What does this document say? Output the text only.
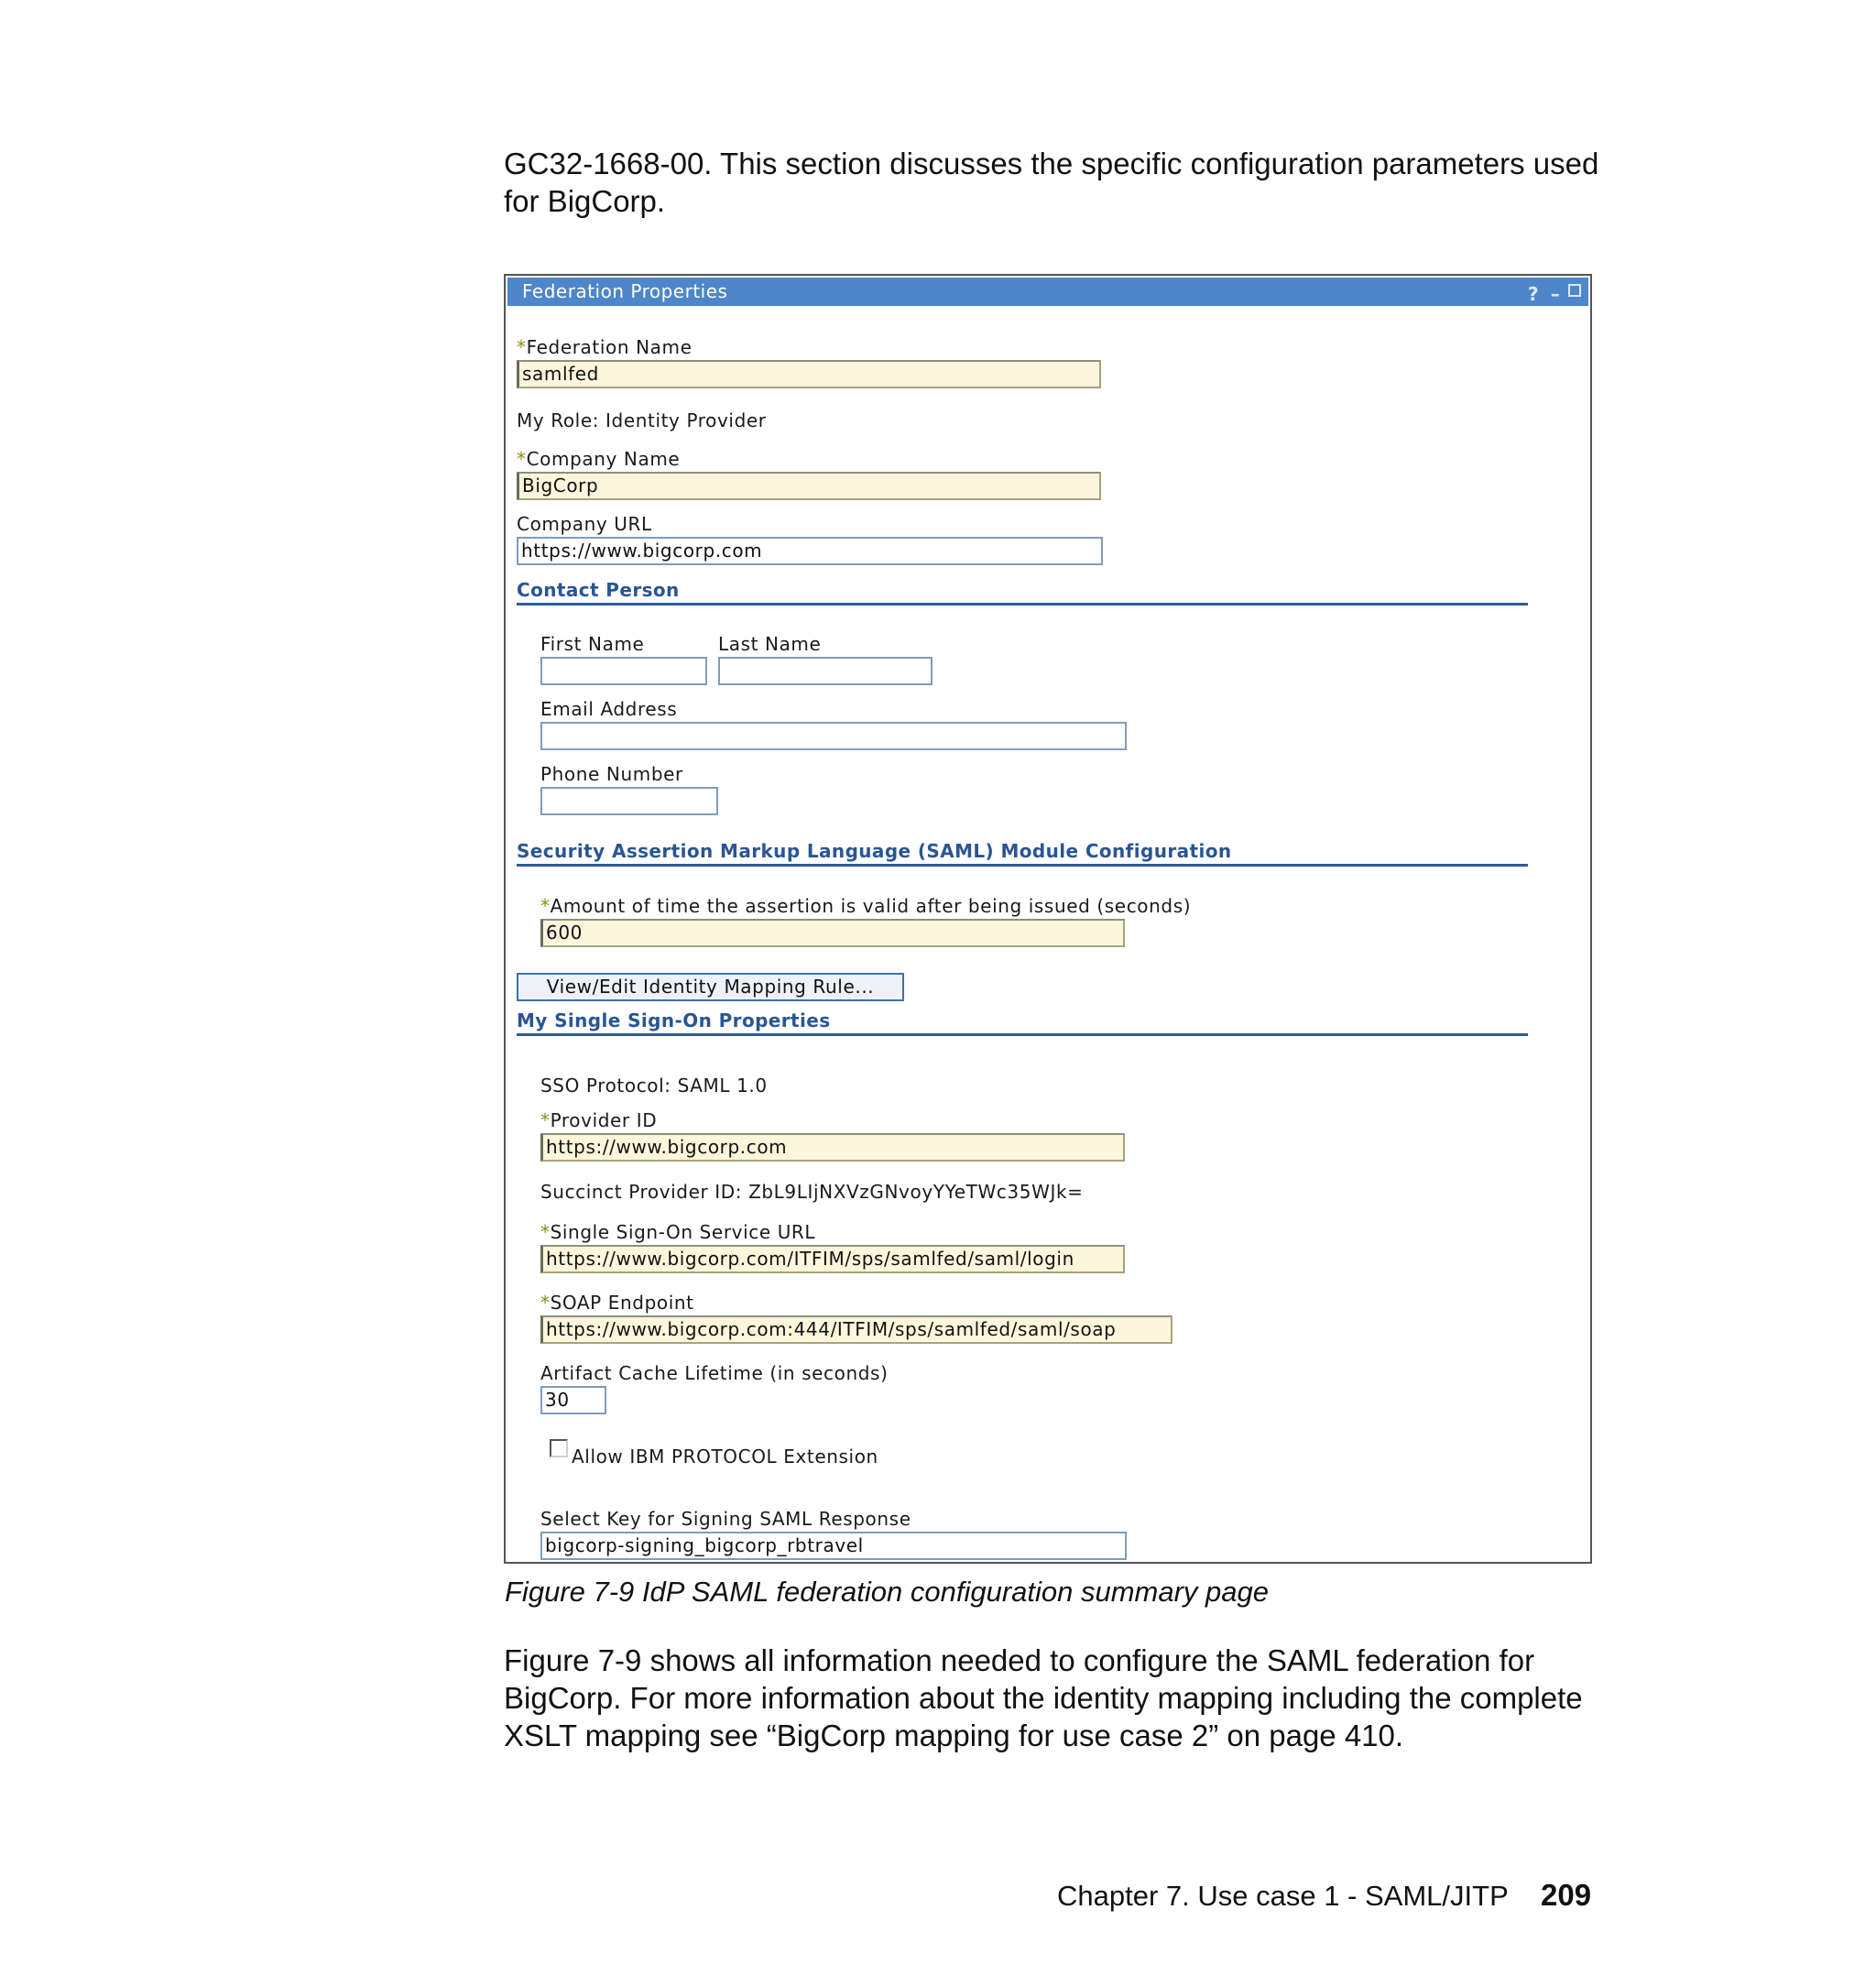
GC32-1668-00. This section discusses the specific configuration parameters used for BigCorp.

Federation Properties	? –
*Federation Name
samlfed
My Role: Identity Provider
*Company Name
BigCorp
Company URL
https://www.bigcorp.com
Contact Person
First Name	Last Name
Email Address
Phone Number
Security Assertion Markup Language (SAML) Module Configuration
*Amount of time the assertion is valid after being issued (seconds)
600
View/Edit Identity Mapping Rule...
My Single Sign-On Properties
SSO Protocol: SAML 1.0
*Provider ID
https://www.bigcorp.com
Succinct Provider ID: ZbL9LIjNXVzGNvoyYYeTWc35WJk=
*Single Sign-On Service URL
https://www.bigcorp.com/ITFIM/sps/samlfed/saml/login
*SOAP Endpoint
https://www.bigcorp.com:444/ITFIM/sps/samlfed/saml/soap
Artifact Cache Lifetime (in seconds)
30
Allow IBM PROTOCOL Extension
Select Key for Signing SAML Response
bigcorp-signing_bigcorp_rbtravel
Figure 7-9 IdP SAML federation configuration summary page

Figure 7-9 shows all information needed to configure the SAML federation for BigCorp. For more information about the identity mapping including the complete XSLT mapping see “BigCorp mapping for use case 2” on page 410.

Chapter 7. Use case 1 - SAML/JITP 209
